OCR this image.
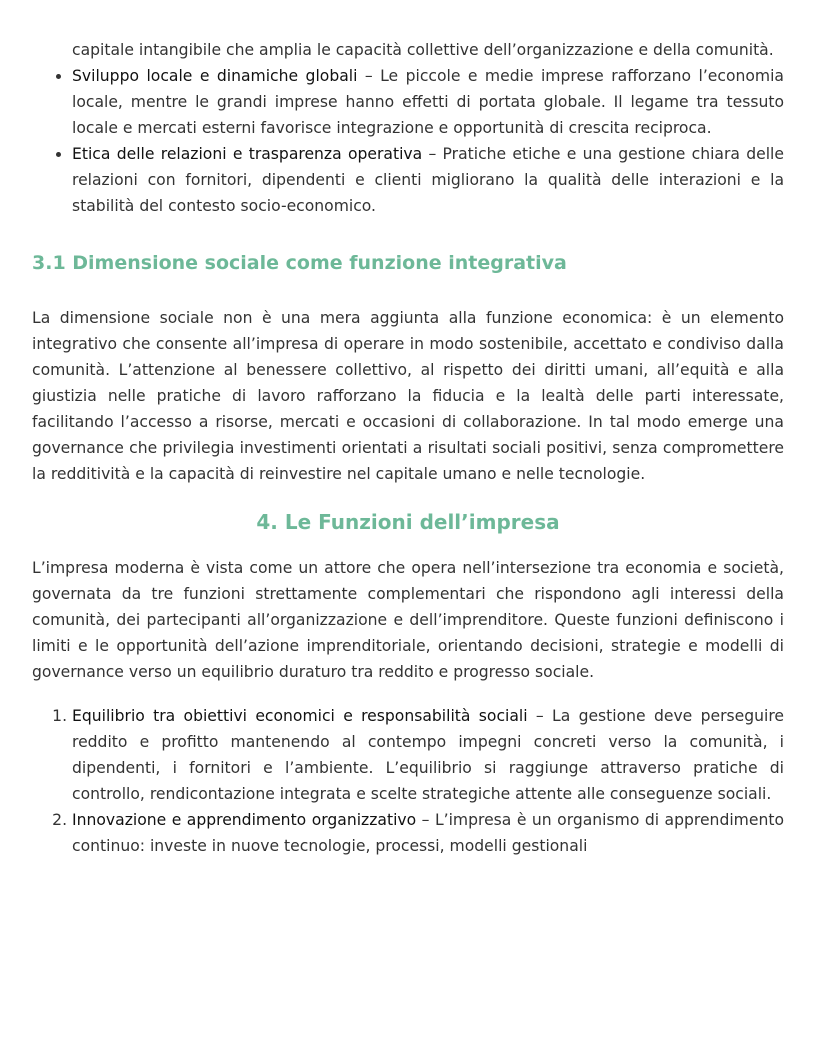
capitale intangibile che amplia le capacità collettive dell’organizzazione e della comunità.
• Sviluppo locale e dinamiche globali – Le piccole e medie imprese rafforzano l’economia locale, mentre le grandi imprese hanno effetti di portata globale. Il legame tra tessuto locale e mercati esterni favorisce integrazione e opportunità di crescita reciproca.
• Etica delle relazioni e trasparenza operativa – Pratiche etiche e una gestione chiara delle relazioni con fornitori, dipendenti e clienti migliorano la qualità delle interazioni e la stabilità del contesto socio-economico.
3.1 Dimensione sociale come funzione integrativa

La dimensione sociale non è una mera aggiunta alla funzione economica: è un elemento integrativo che consente all’impresa di operare in modo sostenibile, accettato e condiviso dalla comunità. L’attenzione al benessere collettivo, al rispetto dei diritti umani, all’equità e alla giustizia nelle pratiche di lavoro rafforzano la fiducia e la lealtà delle parti interessate, facilitando l’accesso a risorse, mercati e occasioni di collaborazione. In tal modo emerge una governance che privilegia investimenti orientati a risultati sociali positivi, senza compromettere la redditività e la capacità di reinvestire nel capitale umano e nelle tecnologie.

4. Le Funzioni dell’impresa

L’impresa moderna è vista come un attore che opera nell’intersezione tra economia e società, governata da tre funzioni strettamente complementari che rispondono agli interessi della comunità, dei partecipanti all’organizzazione e dell’imprenditore. Queste funzioni definiscono i limiti e le opportunità dell’azione imprenditoriale, orientando decisioni, strategie e modelli di governance verso un equilibrio duraturo tra reddito e progresso sociale.

1. Equilibrio tra obiettivi economici e responsabilità sociali – La gestione deve perseguire reddito e profitto mantenendo al contempo impegni concreti verso la comunità, i dipendenti, i fornitori e l’ambiente. L’equilibrio si raggiunge attraverso pratiche di controllo, rendicontazione integrata e scelte strategiche attente alle conseguenze sociali.
2. Innovazione e apprendimento organizzativo – L’impresa è un organismo di apprendimento continuo: investe in nuove tecnologie, processi, modelli gestionali
